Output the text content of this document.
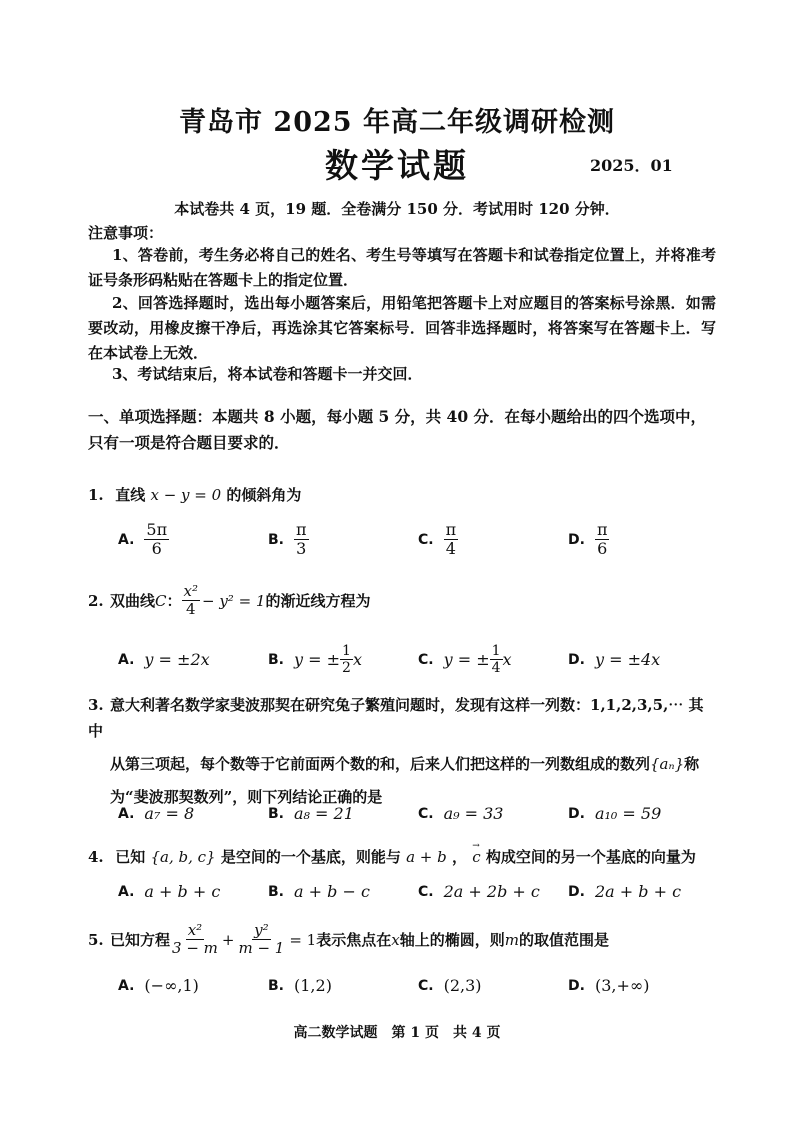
青岛市 2025 年高二年级调研检测
数学试题	2025．01
本试卷共 4 页，19 题．全卷满分 150 分．考试用时 120 分钟．
注意事项：
1、答卷前，考生务必将自己的姓名、考生号等填写在答题卡和试卷指定位置上，并将准考证号条形码粘贴在答题卡上的指定位置．
2、回答选择题时，选出每小题答案后，用铅笔把答题卡上对应题目的答案标号涂黑．如需要改动，用橡皮擦干净后，再选涂其它答案标号．回答非选择题时，将答案写在答题卡上．写在本试卷上无效．
3、考试结束后，将本试卷和答题卡一并交回．
一、单项选择题：本题共 8 小题，每小题 5 分，共 40 分．在每小题给出的四个选项中，只有一项是符合题目要求的．
1. 直线 x − y = 0 的倾斜角为
A. $\frac{5\pi}{6}$	B. $\frac{\pi}{3}$	C. $\frac{\pi}{4}$	D. $\frac{\pi}{6}$
2. 双曲线 C ： $\frac{\text{x²}}{4} - y^2 = 1$ 的渐近线方程为
A. y = ±2x	B. y = ± $\frac{1}{2}$ x	C. y = ± $\frac{1}{4}$ x	D. y = ±4x
3. 意大利著名数学家斐波那契在研究兔子繁殖问题时，发现有这样一列数：1,1,2,3,5,⋯ 其中
从第三项起，每个数等于它前面两个数的和，后来人们把这样的一列数组成的数列{aₙ}称
为“斐波那契数列”，则下列结论正确的是
A. a₇ = 8	B. a₈ = 21	C. a₉ = 33	D. a₁₀ = 59
4. 已知 {a, b, c} 是空间的一个基底，则能与 a + b ， → c 构成空间的另一个基底的向量为
A. a + b + c	B. a + b − c	C. 2a + 2b + c D. 2a + b + c
5. 已知方程 $\frac{\text{x²}}{3 - m} + \frac{\text{y²}}{m - 1} = 1$ 表示焦点在 x 轴上的椭圆，则 m 的取值范围是
A. (−∞,1)	B. (1,2)	C. (2,3)	D. (3,+∞)
高二数学试题　第 1 页　共 4 页
